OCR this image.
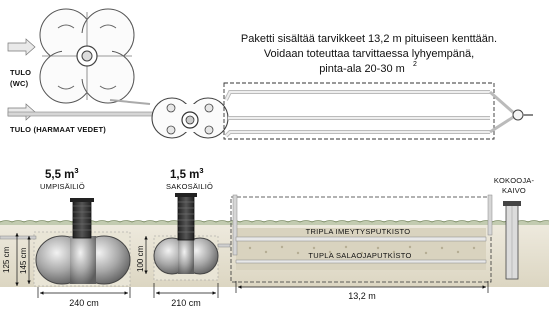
Paketti sisältää tarvikkeet 13,2 m pituiseen kenttään.
Voidaan toteuttaa tarvittaessa lyhyempänä,
pinta-ala 20-30 m 2
TULO
(WC)
TULO (HARMAAT VEDET)
5,5 $m^3$
UMPISÄILIÖ
1,5 $m^3$
SAKOSÄILIÖ
KOKOOJA-
KAIVO
TRIPLA IMEYTYSPUTKISTO
TUPLA SALAOJAPUTKISTO
125 cm 145 cm	100 cm
240 cm	210 cm
13,2 m
